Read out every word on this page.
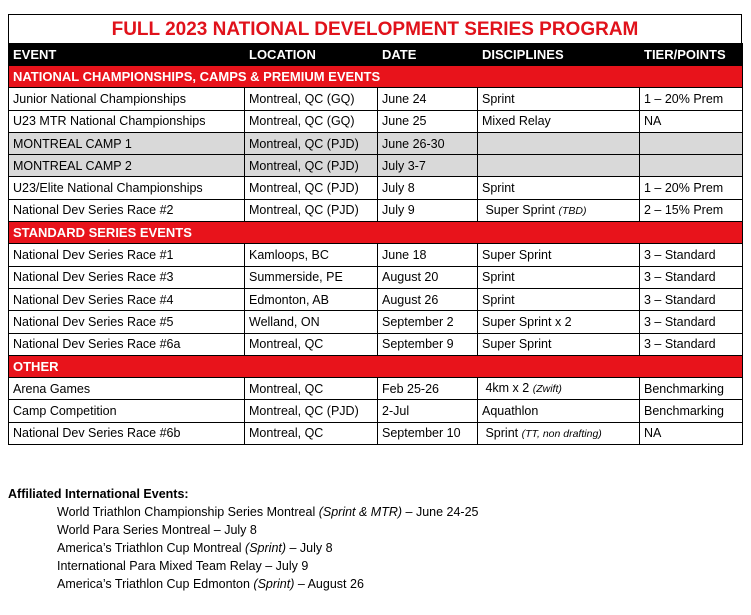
FULL 2023 NATIONAL DEVELOPMENT SERIES PROGRAM
EVENT	LOCATION	DATE	DISCIPLINES	TIER/POINTS
NATIONAL CHAMPIONSHIPS, CAMPS & PREMIUM EVENTS				
Junior National Championships	Montreal, QC (GQ)	June 24	Sprint	1 – 20% Prem
U23 MTR National Championships	Montreal, QC (GQ)	June 25	Mixed Relay	NA
MONTREAL CAMP 1	Montreal, QC (PJD)	June 26-30		
MONTREAL CAMP 2	Montreal, QC (PJD)	July 3-7		
U23/Elite National Championships	Montreal, QC (PJD)	July 8	Sprint	1 – 20% Prem
National Dev Series Race #2	Montreal, QC (PJD)	July 9	Super Sprint (TBD)	2 – 15% Prem
STANDARD SERIES EVENTS				
National Dev Series Race #1	Kamloops, BC	June 18	Super Sprint	3 – Standard
National Dev Series Race #3	Summerside, PE	August 20	Sprint	3 – Standard
National Dev Series Race #4	Edmonton, AB	August 26	Sprint	3 – Standard
National Dev Series Race #5	Welland, ON	September 2	Super Sprint x 2	3 – Standard
National Dev Series Race #6a	Montreal, QC	September 9	Super Sprint	3 – Standard
OTHER				
Arena Games	Montreal, QC	Feb 25-26	4km x 2 (Zwift)	Benchmarking
Camp Competition	Montreal, QC (PJD)	2-Jul	Aquathlon	Benchmarking
National Dev Series Race #6b	Montreal, QC	September 10	Sprint (TT, non drafting)	NA
Affiliated International Events:
World Triathlon Championship Series Montreal (Sprint & MTR) – June 24-25
World Para Series Montreal – July 8
America’s Triathlon Cup Montreal (Sprint) – July 8
International Para Mixed Team Relay – July 9
America’s Triathlon Cup Edmonton (Sprint) – August 26
